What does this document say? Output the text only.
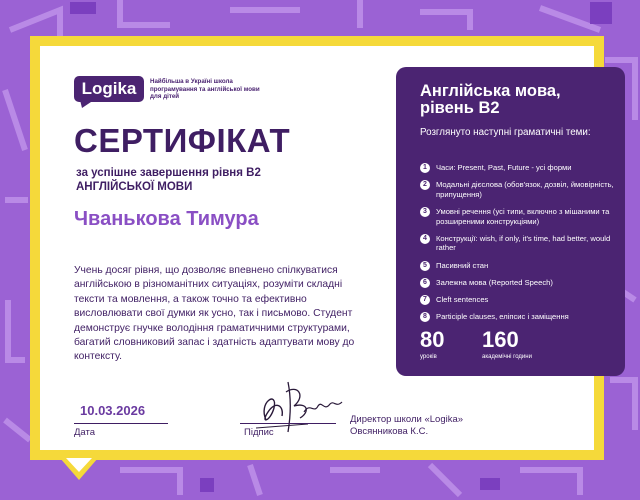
Logika	Найбільша в Україні школа програмування та англійської мови для дітей
СЕРТИФІКАТ
за успішне завершення рівня B2 АНГЛІЙСЬКОЇ МОВИ
Чванькова Тимура
Учень досяг рівня, що дозволяє впевнено спілкуватися англійською в різноманітних ситуаціях, розуміти складні тексти та мовлення, а також точно та ефективно висловлювати свої думки як усно, так і письмово. Студент демонструє гнучке володіння граматичними структурами, багатий словниковий запас і здатність адаптувати мову до контексту.
10.03.2026
Дата	Підпис
Директор школи «Logika»
Овсянникова К.С.
Англійська мова, рівень B2
Розглянуто наступні граматичні теми:
1	Часи: Present, Past, Future - усі форми
2	Модальні дієслова (обов'язок, дозвіл, ймовірність, припущення)
3	Умовні речення (усі типи, включно з мішаними та розширеними конструкціями)
4	Конструкції: wish, if only, it's time, had better, would rather
5	Пасивний стан
6	Залежна мова (Reported Speech)
7	Cleft sentences
8	Participle clauses, еліпсис і заміщення
80
уроків
160
академічні години
